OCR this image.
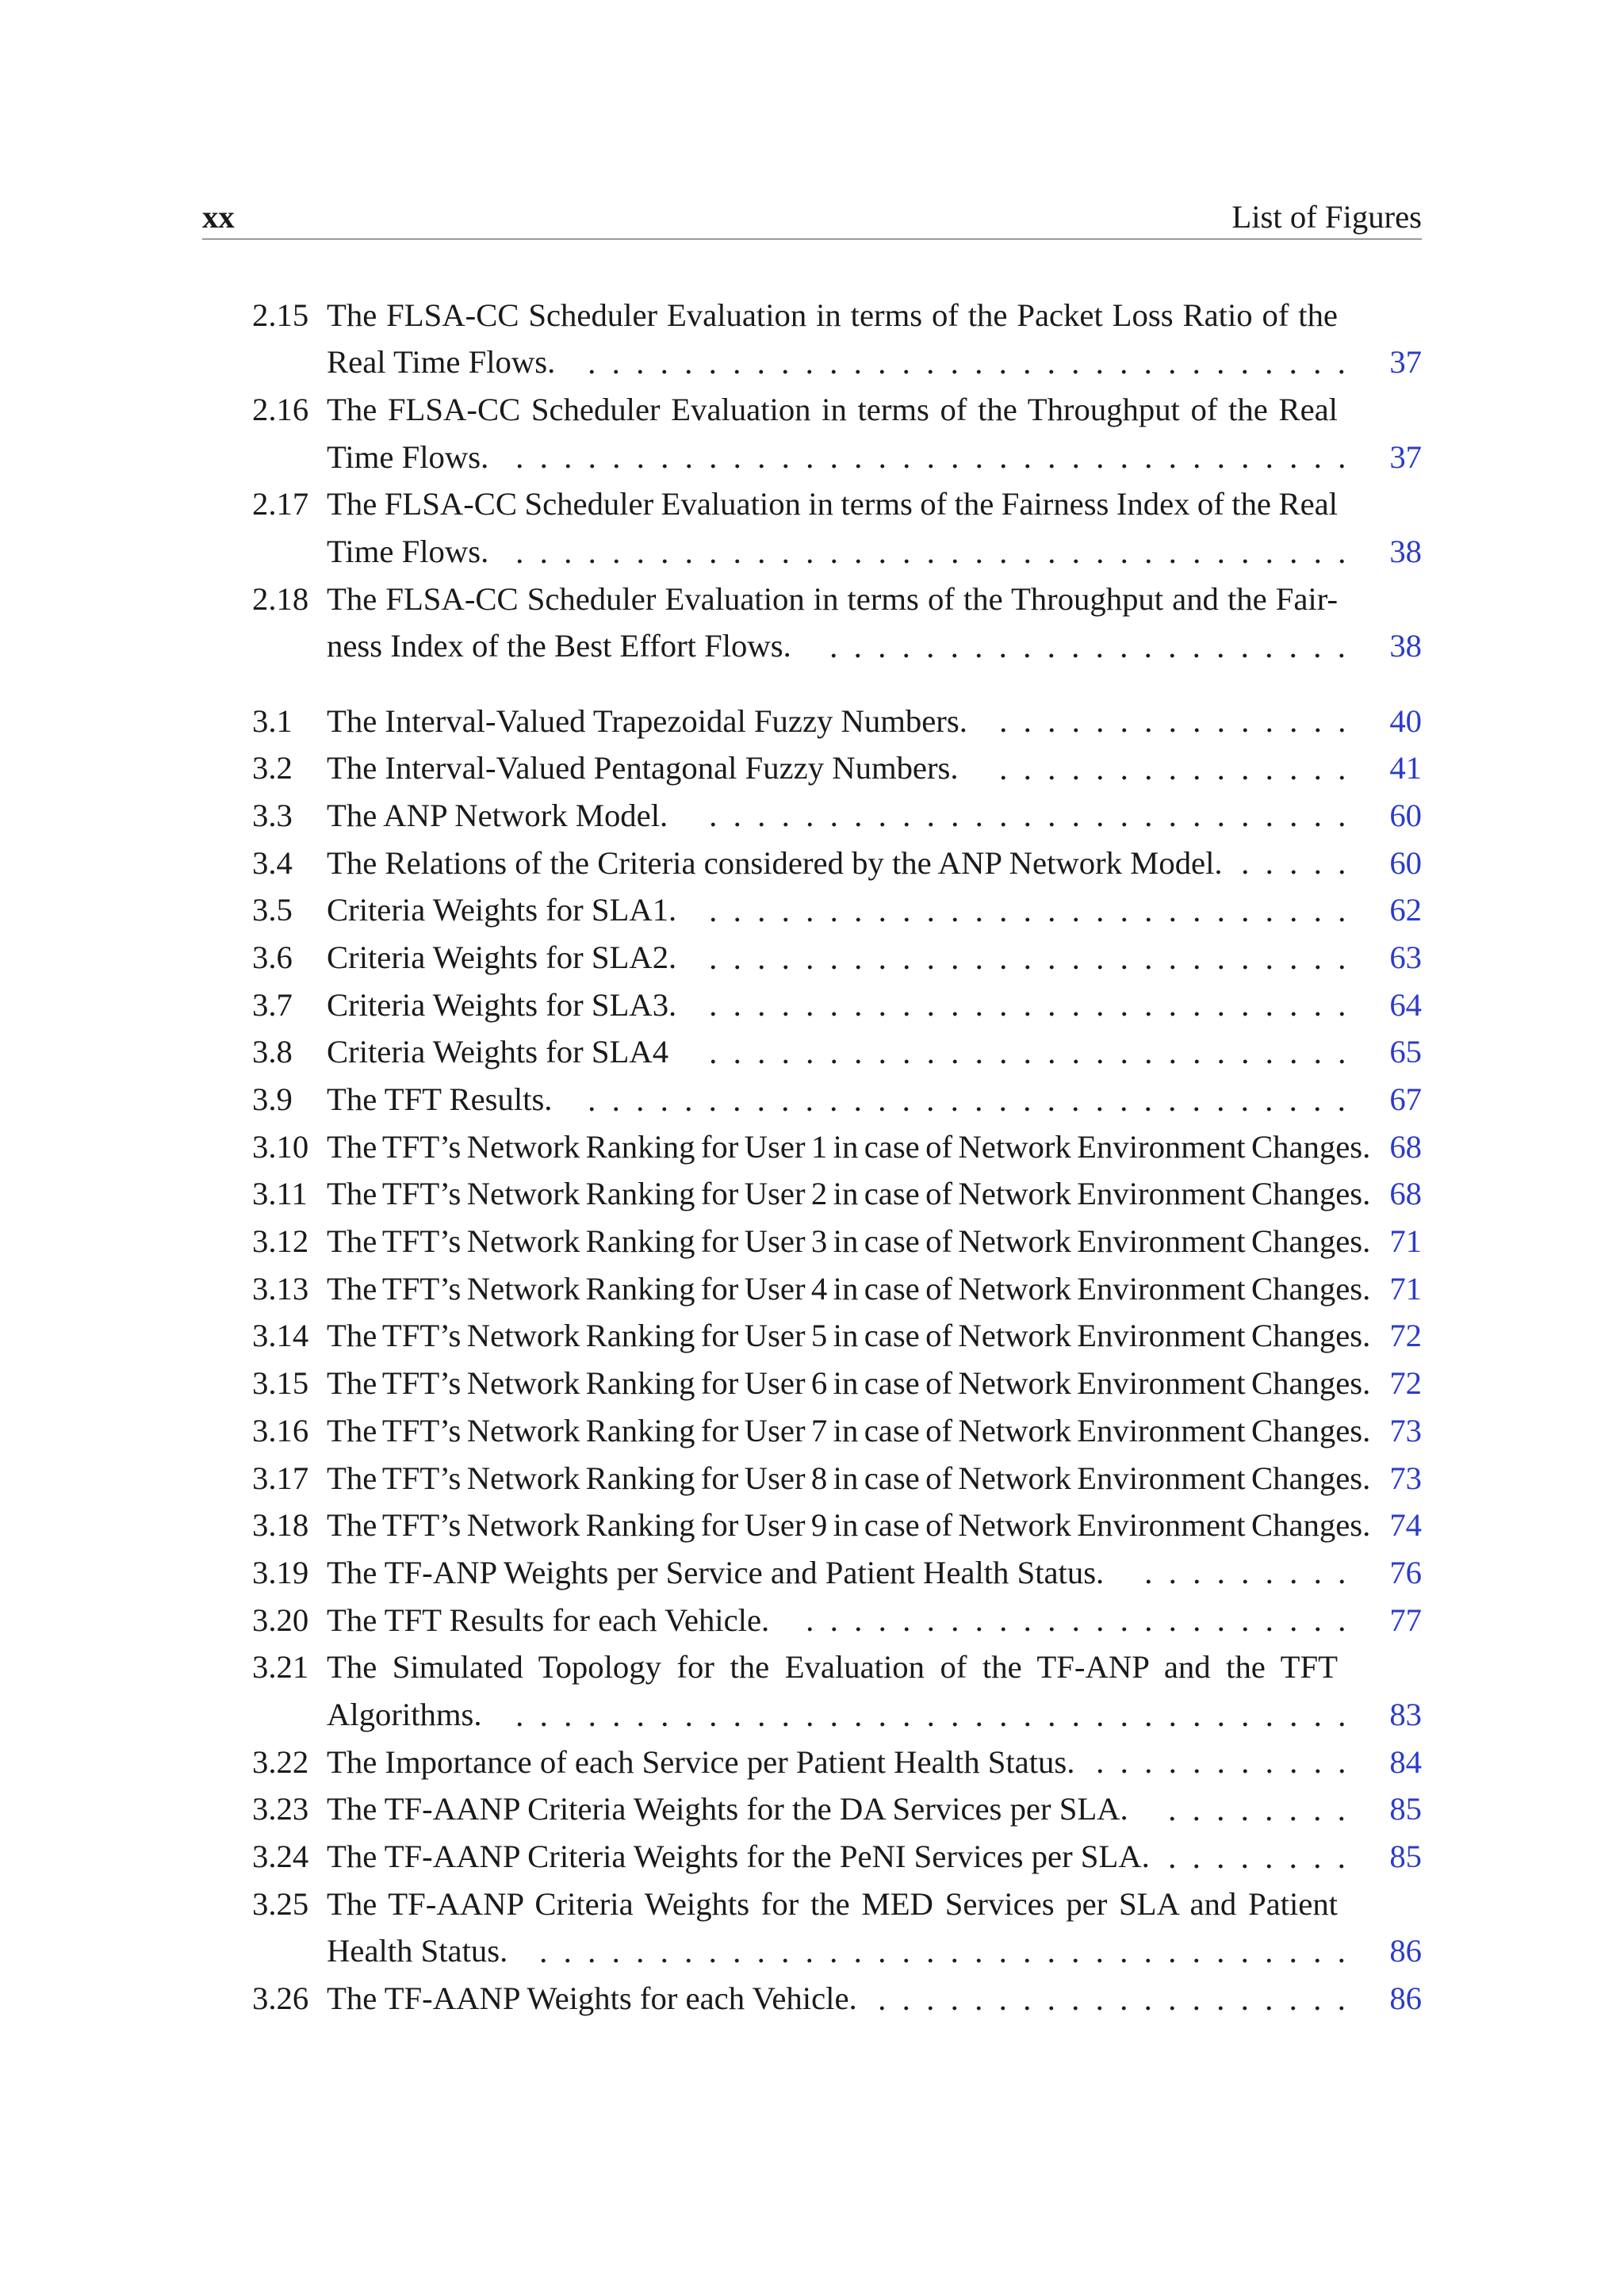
xx	List of Figures
2.15 The FLSA-CC Scheduler Evaluation in terms of the Packet Loss Ratio of the
Real Time Flows.	37
2.16 The FLSA-CC Scheduler Evaluation in terms of the Throughput of the Real
Time Flows.	37
2.17 The FLSA-CC Scheduler Evaluation in terms of the Fairness Index of the Real
Time Flows.	38
2.18 The FLSA-CC Scheduler Evaluation in terms of the Throughput and the Fair-
ness Index of the Best Effort Flows.	38
3.1 The Interval-Valued Trapezoidal Fuzzy Numbers.	40
3.2 The Interval-Valued Pentagonal Fuzzy Numbers.	41
3.3 The ANP Network Model.	60
3.4 The Relations of the Criteria considered by the ANP Network Model.	60
3.5 Criteria Weights for SLA1.	62
3.6 Criteria Weights for SLA2.	63
3.7 Criteria Weights for SLA3.	64
3.8 Criteria Weights for SLA4	65
3.9 The TFT Results.	67
3.10 The TFT’s Network Ranking for User 1 in case of Network Environment Changes. 68
3.11 The TFT’s Network Ranking for User 2 in case of Network Environment Changes. 68
3.12 The TFT’s Network Ranking for User 3 in case of Network Environment Changes. 71
3.13 The TFT’s Network Ranking for User 4 in case of Network Environment Changes. 71
3.14 The TFT’s Network Ranking for User 5 in case of Network Environment Changes. 72
3.15 The TFT’s Network Ranking for User 6 in case of Network Environment Changes. 72
3.16 The TFT’s Network Ranking for User 7 in case of Network Environment Changes. 73
3.17 The TFT’s Network Ranking for User 8 in case of Network Environment Changes. 73
3.18 The TFT’s Network Ranking for User 9 in case of Network Environment Changes. 74
3.19 The TF-ANP Weights per Service and Patient Health Status.	76
3.20 The TFT Results for each Vehicle.	77
3.21 The Simulated Topology for the Evaluation of the TF-ANP and the TFT
Algorithms.	83
3.22 The Importance of each Service per Patient Health Status.	84
3.23 The TF-AANP Criteria Weights for the DA Services per SLA.	85
3.24 The TF-AANP Criteria Weights for the PeNI Services per SLA.	85
3.25 The TF-AANP Criteria Weights for the MED Services per SLA and Patient
Health Status.	86
3.26 The TF-AANP Weights for each Vehicle.	86
